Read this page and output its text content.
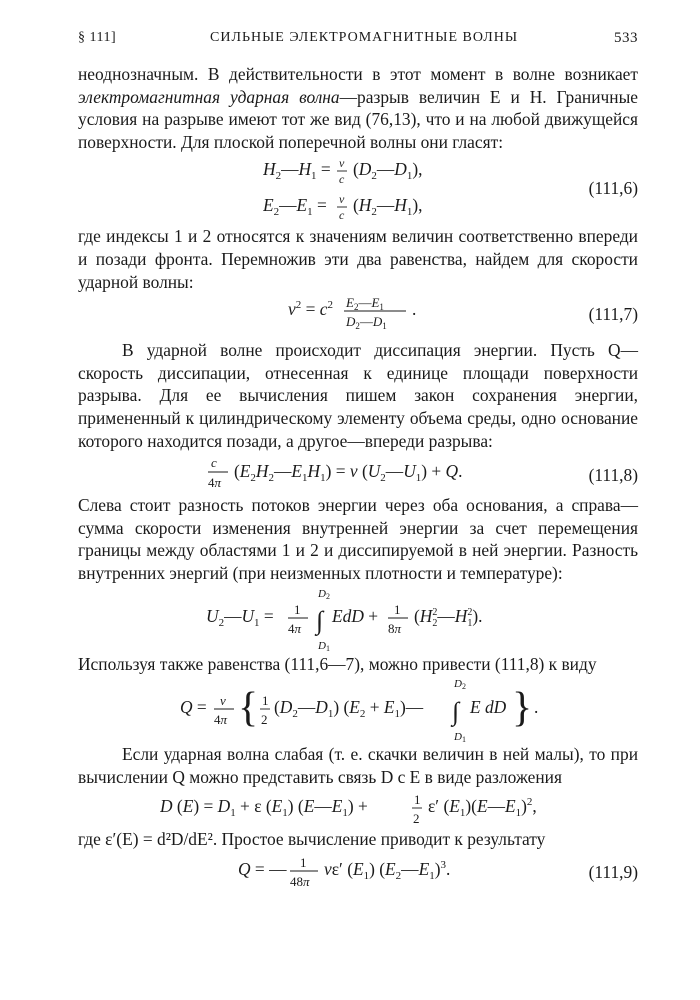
§ 111]	СИЛЬНЫЕ ЭЛЕКТРОМАГНИТНЫЕ ВОЛНЫ	533

неоднозначным. В действительности в этот момент в волне возникает электромагнитная ударная волна—разрыв величин E и H. Граничные условия на разрыве имеют тот же вид (76,13), что и на любой движущейся поверхности. Для плоской поперечной волны они гласят:

$H_2—H_1 = v$
c $(D_2—D_1)$,
$E_2—E_1 = v$
c $(H_2—H_1)$,
(111,6)

где индексы 1 и 2 относятся к значениям величин соответственно впереди и позади фронта. Перемножив эти два равенства, найдем для скорости ударной волны:

$v^2 = c^2$ $E_2—E_1$
$D_2—D_1$
.	(111,7)

В ударной волне происходит диссипация энергии. Пусть Q—скорость диссипации, отнесенная к единице площади поверхности разрыва. Для ее вычисления пишем закон сохранения энергии, примененный к цилиндрическому элементу объема среды, одно основание которого находится позади, а другое—впереди разрыва:

c
4π
$(E_2H_2—E_1H_1) = v$ $(U_2—U_1) + Q$.	(111,8)

Слева стоит разность потоков энергии через оба основания, а справа—сумма скорости изменения внутренней энергии за счет перемещения границы между областями 1 и 2 и диссипируемой в ней энергии. Разность внутренних энергий (при неизменных плотности и температуре):

$U_2—U_1 = 1$
4π
D2
∫
D1
EdD + 1
8π
($H^2$ $2—H^2$ 1).

Используя также равенства (111,6—7), можно привести (111,8) к виду

Q = v
4π { 1
2
$(D_2—D_1) (E_2$ + $E_1)—$
D2
∫
D1
E dD } .

Если ударная волна слабая (т. е. скачки величин в ней малы), то при вычислении Q можно представить связь D с E в виде разложения

D $(E) = D_1 + \varepsilon$ $(E_1)$ $(E—E_1)$ +	1
2
ε′ $(E_1)(E—E_1)^2$,

где ε′(E) = d²D/dE². Простое вычисление приводит к результату

Q = — 1
48π
vε′ $(E_1)$ $(E_2—E_1)^3$.	(111,9)
